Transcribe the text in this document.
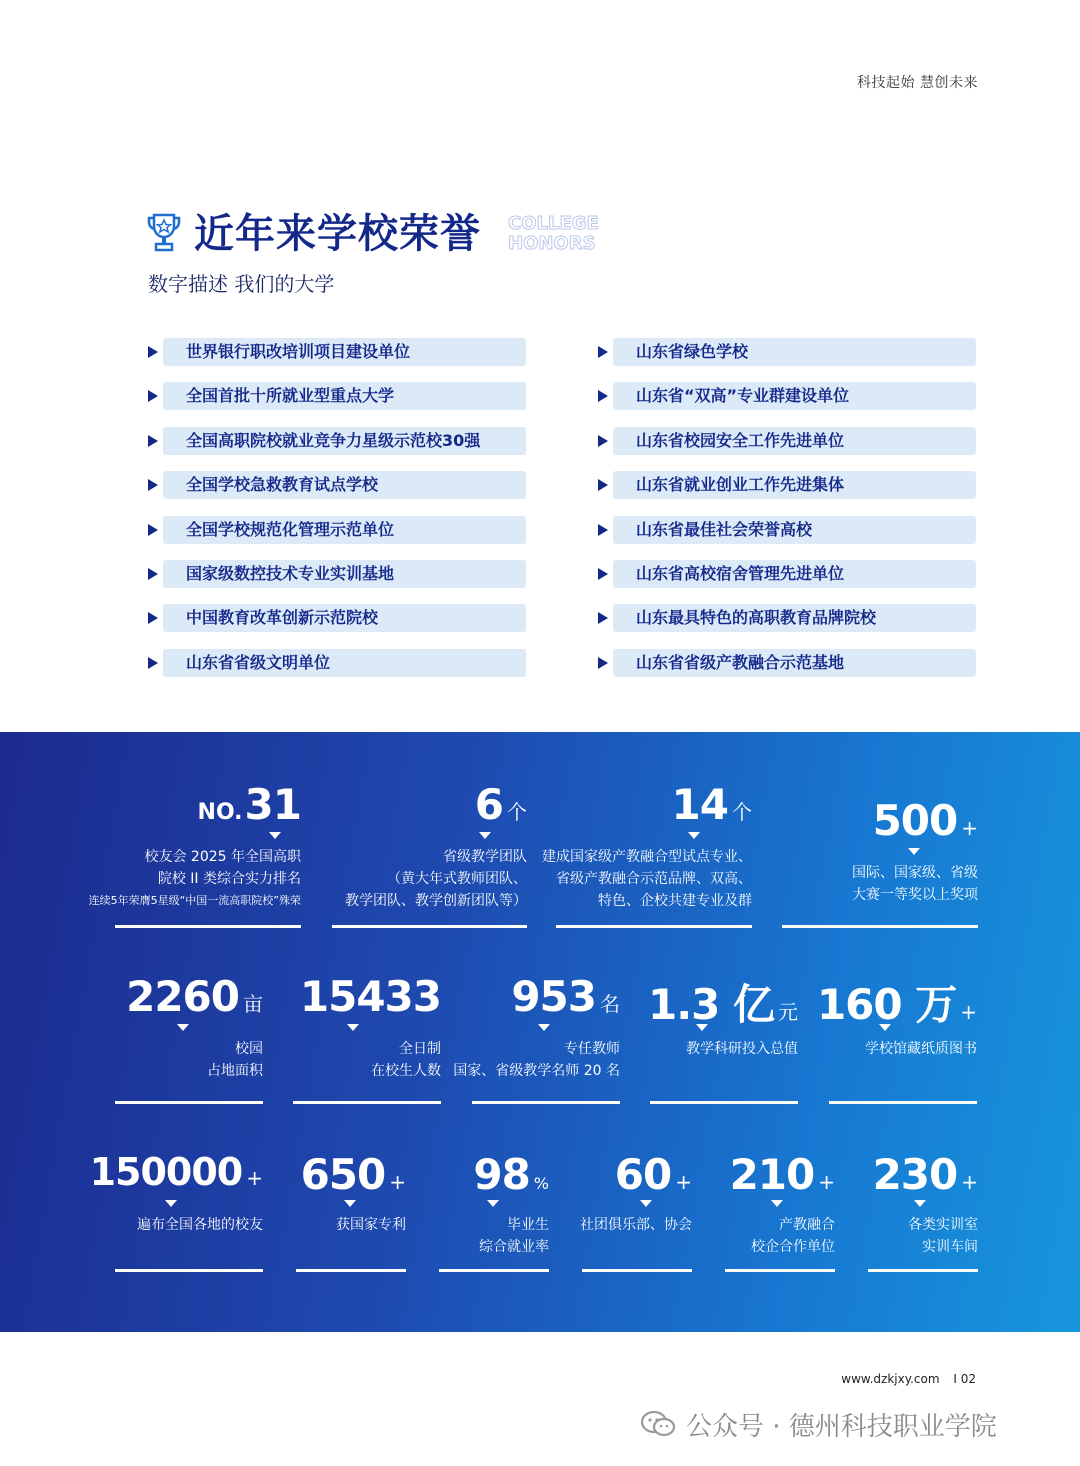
科技起始 慧创未来
近年来学校荣誉 COLLEGE
HONORS
数字描述 我们的大学
世界银行职改培训项目建设单位
全国首批十所就业型重点大学
全国高职院校就业竞争力星级示范校30强
全国学校急救教育试点学校
全国学校规范化管理示范单位
国家级数控技术专业实训基地
中国教育改革创新示范院校
山东省省级文明单位
山东省绿色学校
山东省“双高”专业群建设单位
山东省校园安全工作先进单位
山东省就业创业工作先进集体
山东省最佳社会荣誉高校
山东省高校宿舍管理先进单位
山东最具特色的高职教育品牌院校
山东省省级产教融合示范基地
NO.31
校友会 2025 年全国高职
院校 II 类综合实力排名
连续5年荣膺5星级“中国一流高职院校”殊荣
6 个
省级教学团队
（黄大年式教师团队、
教学团队、教学创新团队等）
14 个
建成国家级产教融合型试点专业、
省级产教融合示范品牌、双高、
特色、企校共建专业及群
500 +
国际、国家级、省级
大赛一等奖以上奖项
2260 亩
校园
占地面积
15433
全日制
在校生人数
953 名
专任教师
国家、省级教学名师 20 名
1.3 亿 元
教学科研投入总值
160 万 +
学校馆藏纸质图书
150000 +
遍布全国各地的校友
650 +
获国家专利
98 %
毕业生
综合就业率
60 +
社团俱乐部、协会
210 +
产教融合
校企合作单位
230 +
各类实训室
实训车间
www.dzkjxy.com I 02
公众号 · 德州科技职业学院
